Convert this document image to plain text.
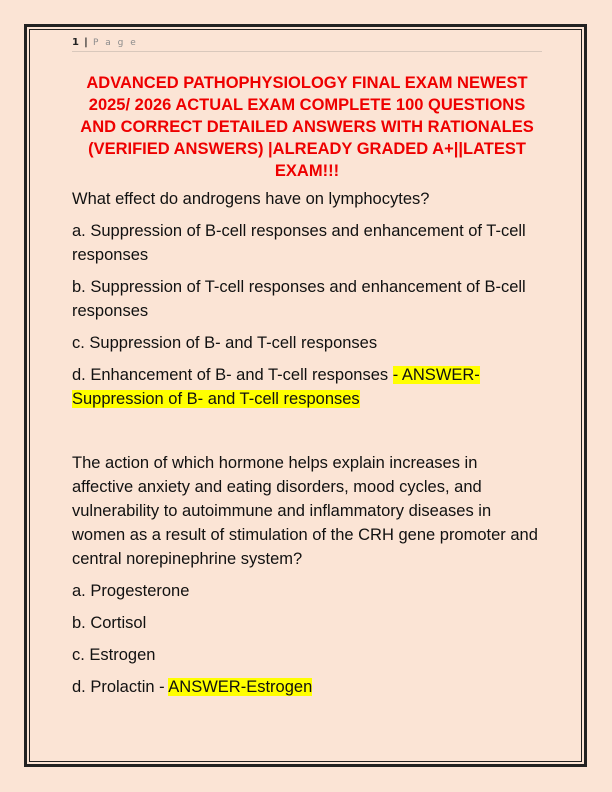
1 | P a g e
ADVANCED PATHOPHYSIOLOGY FINAL EXAM NEWEST 2025/ 2026 ACTUAL EXAM COMPLETE 100 QUESTIONS AND CORRECT DETAILED ANSWERS WITH RATIONALES (VERIFIED ANSWERS) |ALREADY GRADED A+||LATEST EXAM!!!

What effect do androgens have on lymphocytes?

a. Suppression of B-cell responses and enhancement of T-cell responses

b. Suppression of T-cell responses and enhancement of B-cell responses

c. Suppression of B- and T-cell responses

d. Enhancement of B- and T-cell responses - ANSWER-Suppression of B- and T-cell responses

The action of which hormone helps explain increases in affective anxiety and eating disorders, mood cycles, and vulnerability to autoimmune and inflammatory diseases in women as a result of stimulation of the CRH gene promoter and central norepinephrine system?

a. Progesterone

b. Cortisol

c. Estrogen

d. Prolactin - ANSWER-Estrogen
